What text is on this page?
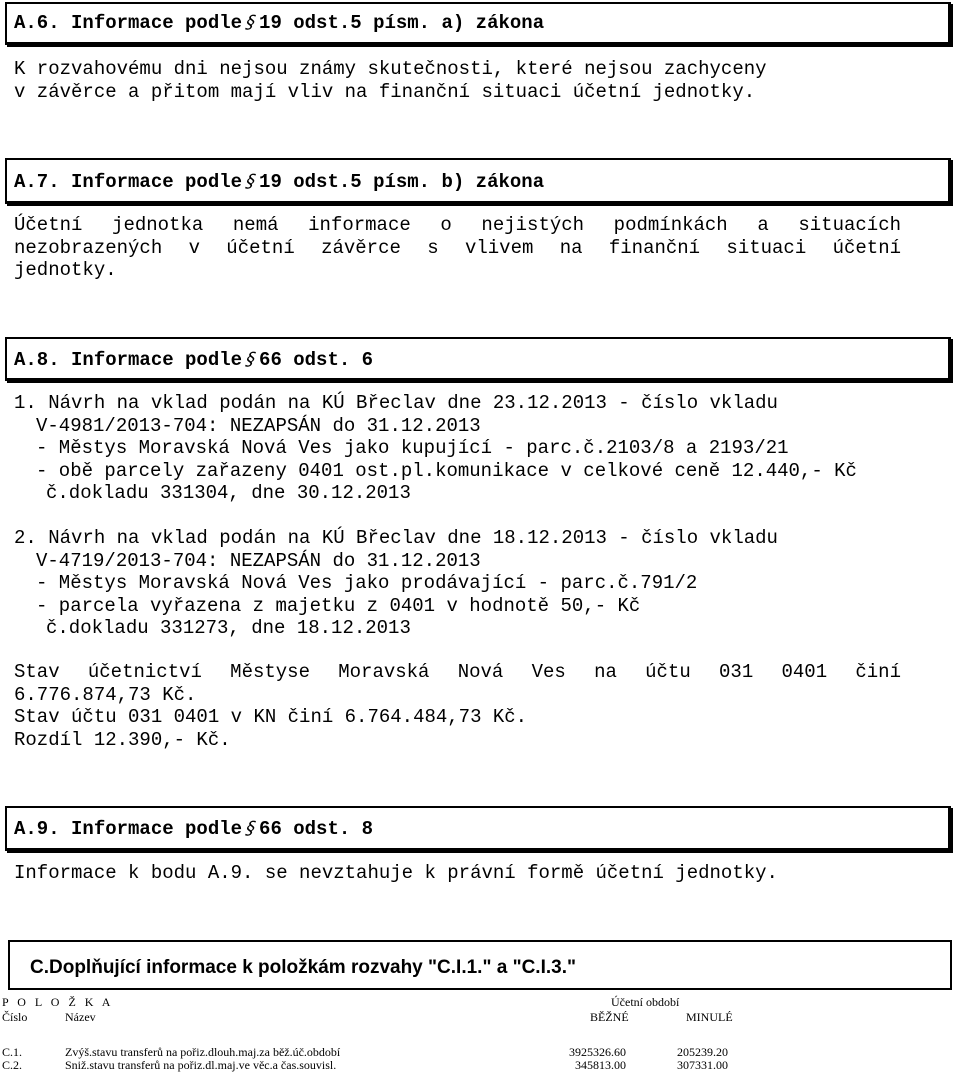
A.6. Informace podle§19 odst.5 písm. a) zákona
K rozvahovému dni nejsou známy skutečnosti, které nejsou zachyceny
v závěrce a přitom mají vliv na finanční situaci účetní jednotky.
A.7. Informace podle§19 odst.5 písm. b) zákona
Účetní jednotka nemá informace o nejistých podmínkách a situacích
nezobrazených v účetní závěrce s vlivem na finanční situaci účetní
jednotky.
A.8. Informace podle§66 odst. 6
1. Návrh na vklad podán na KÚ Břeclav dne 23.12.2013 - číslo vkladu
V-4981/2013-704: NEZAPSÁN do 31.12.2013
- Městys Moravská Nová Ves jako kupující - parc.č.2103/8 a 2193/21
- obě parcely zařazeny 0401 ost.pl.komunikace v celkové ceně 12.440,- Kč
č.dokladu 331304, dne 30.12.2013
2. Návrh na vklad podán na KÚ Břeclav dne 18.12.2013 - číslo vkladu
V-4719/2013-704: NEZAPSÁN do 31.12.2013
- Městys Moravská Nová Ves jako prodávající - parc.č.791/2
- parcela vyřazena z majetku z 0401 v hodnotě 50,- Kč
č.dokladu 331273, dne 18.12.2013
Stav účetnictví Městyse Moravská Nová Ves na účtu 031 0401 činí
6.776.874,73 Kč.
Stav účtu 031 0401 v KN činí 6.764.484,73 Kč.
Rozdíl 12.390,- Kč.
A.9. Informace podle§66 odst. 8
Informace k bodu A.9. se nevztahuje k právní formě účetní jednotky.
C.Doplňující informace k položkám rozvahy "C.I.1." a "C.I.3."
P O L O Ž K A	Účetní období
Číslo	Název	BĚŽNÉ	MINULÉ
C.1.	Zvýš.stavu transferů na pořiz.dlouh.maj.za běž.úč.období	3925326.60	205239.20
C.2.	Sniž.stavu transferů na pořiz.dl.maj.ve věc.a čas.souvisl.	345813.00	307331.00
